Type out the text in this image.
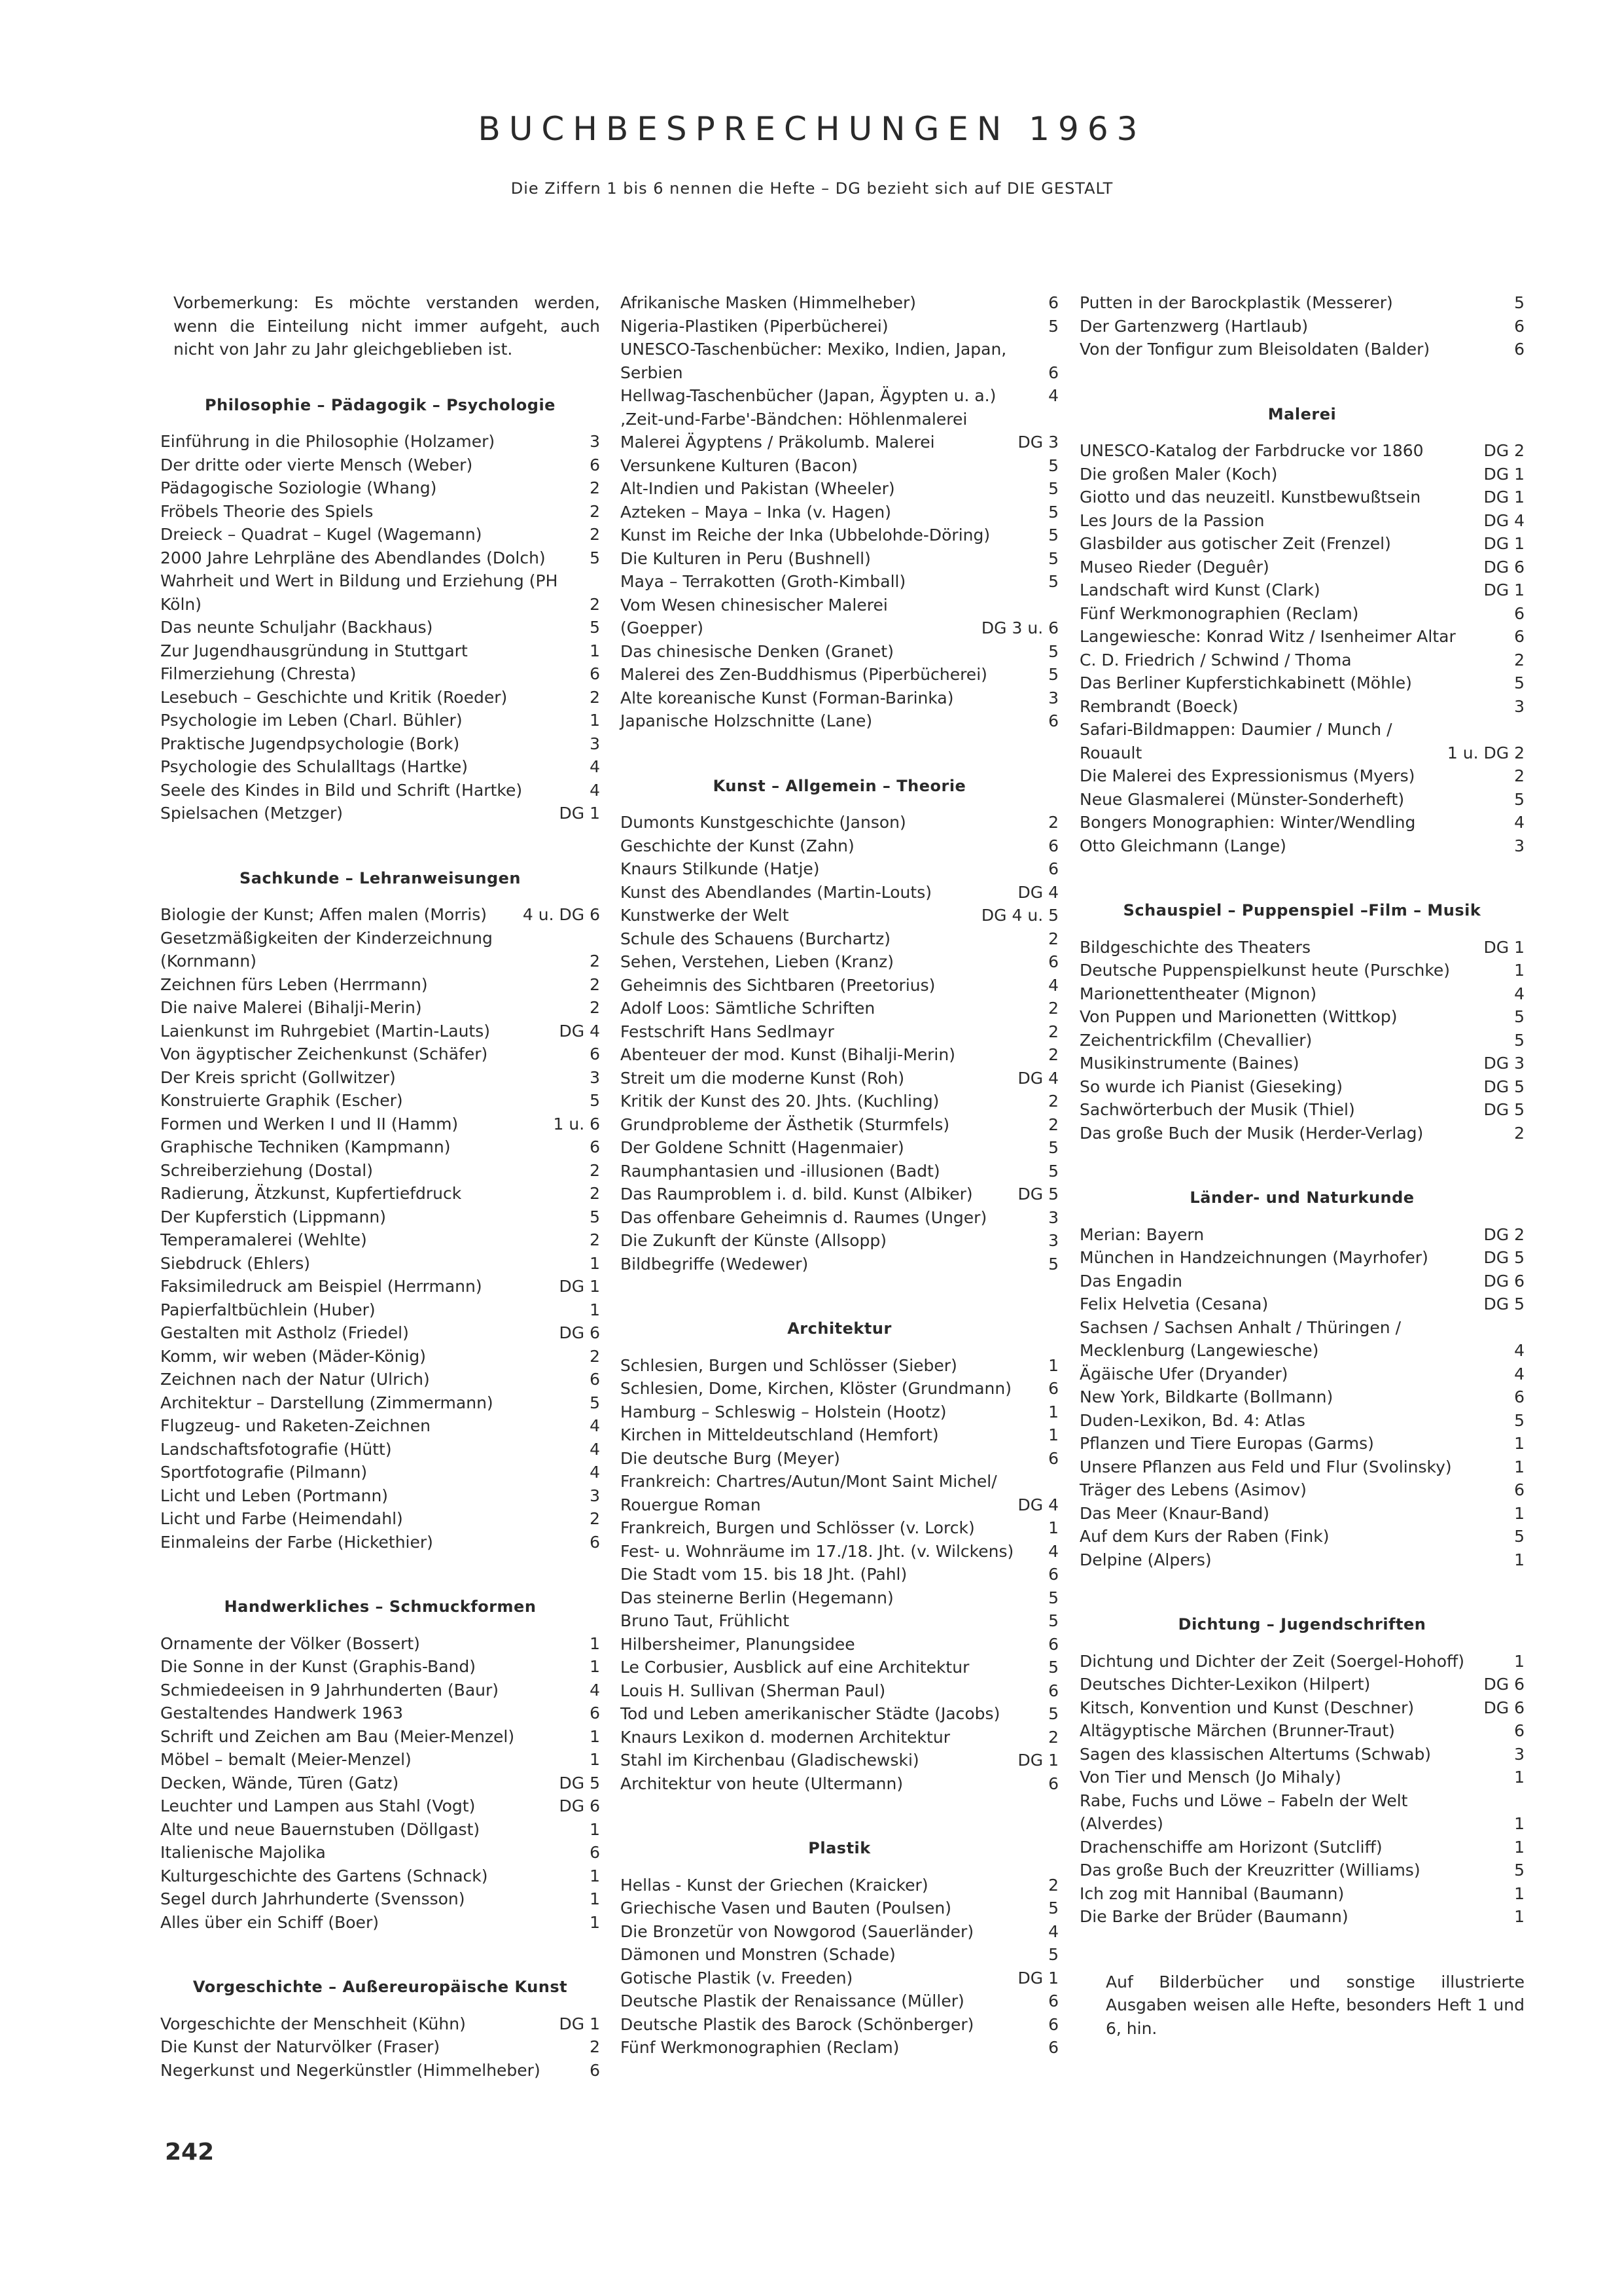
BUCHBESPRECHUNGEN 1963
Die Ziffern 1 bis 6 nennen die Hefte – DG bezieht sich auf DIE GESTALT
Vorbemerkung: Es möchte verstanden werden, wenn die Einteilung nicht immer aufgeht, auch nicht von Jahr zu Jahr gleichgeblieben ist.
Philosophie – Pädagogik – Psychologie
Einführung in die Philosophie (Holzamer)	3
Der dritte oder vierte Mensch (Weber)	6
Pädagogische Soziologie (Whang)	2
Fröbels Theorie des Spiels	2
Dreieck – Quadrat – Kugel (Wagemann)	2
2000 Jahre Lehrpläne des Abendlandes (Dolch)	5
Wahrheit und Wert in Bildung und Erziehung (PH Köln)	2
Das neunte Schuljahr (Backhaus)	5
Zur Jugendhausgründung in Stuttgart	1
Filmerziehung (Chresta)	6
Lesebuch – Geschichte und Kritik (Roeder)	2
Psychologie im Leben (Charl. Bühler)	1
Praktische Jugendpsychologie (Bork)	3
Psychologie des Schulalltags (Hartke)	4
Seele des Kindes in Bild und Schrift (Hartke)	4
Spielsachen (Metzger)	DG 1
Sachkunde – Lehranweisungen
Biologie der Kunst; Affen malen (Morris)	4 u. DG 6
Gesetzmäßigkeiten der Kinderzeichnung (Kornmann)	2
Zeichnen fürs Leben (Herrmann)	2
Die naive Malerei (Bihalji-Merin)	2
Laienkunst im Ruhrgebiet (Martin-Lauts)	DG 4
Von ägyptischer Zeichenkunst (Schäfer)	6
Der Kreis spricht (Gollwitzer)	3
Konstruierte Graphik (Escher)	5
Formen und Werken I und II (Hamm)	1 u. 6
Graphische Techniken (Kampmann)	6
Schreiberziehung (Dostal)	2
Radierung, Ätzkunst, Kupfertiefdruck	2
Der Kupferstich (Lippmann)	5
Temperamalerei (Wehlte)	2
Siebdruck (Ehlers)	1
Faksimiledruck am Beispiel (Herrmann)	DG 1
Papierfaltbüchlein (Huber)	1
Gestalten mit Astholz (Friedel)	DG 6
Komm, wir weben (Mäder-König)	2
Zeichnen nach der Natur (Ulrich)	6
Architektur – Darstellung (Zimmermann)	5
Flugzeug- und Raketen-Zeichnen	4
Landschaftsfotografie (Hütt)	4
Sportfotografie (Pilmann)	4
Licht und Leben (Portmann)	3
Licht und Farbe (Heimendahl)	2
Einmaleins der Farbe (Hickethier)	6
Handwerkliches – Schmuckformen
Ornamente der Völker (Bossert)	1
Die Sonne in der Kunst (Graphis-Band)	1
Schmiedeeisen in 9 Jahrhunderten (Baur)	4
Gestaltendes Handwerk 1963	6
Schrift und Zeichen am Bau (Meier-Menzel)	1
Möbel – bemalt (Meier-Menzel)	1
Decken, Wände, Türen (Gatz)	DG 5
Leuchter und Lampen aus Stahl (Vogt)	DG 6
Alte und neue Bauernstuben (Döllgast)	1
Italienische Majolika	6
Kulturgeschichte des Gartens (Schnack)	1
Segel durch Jahrhunderte (Svensson)	1
Alles über ein Schiff (Boer)	1
Vorgeschichte – Außereuropäische Kunst
Vorgeschichte der Menschheit (Kühn)	DG 1
Die Kunst der Naturvölker (Fraser)	2
Negerkunst und Negerkünstler (Himmelheber)	6
Afrikanische Masken (Himmelheber)	6
Nigeria-Plastiken (Piperbücherei)	5
UNESCO-Taschenbücher: Mexiko, Indien, Japan, Serbien	6
Hellwag-Taschenbücher (Japan, Ägypten u. a.)	4
‚Zeit-und-Farbe'-Bändchen: Höhlenmalerei Malerei Ägyptens / Präkolumb. Malerei	DG 3
Versunkene Kulturen (Bacon)	5
Alt-Indien und Pakistan (Wheeler)	5
Azteken – Maya – Inka (v. Hagen)	5
Kunst im Reiche der Inka (Ubbelohde-Döring)	5
Die Kulturen in Peru (Bushnell)	5
Maya – Terrakotten (Groth-Kimball)	5
Vom Wesen chinesischer Malerei (Goepper)	DG 3 u. 6
Das chinesische Denken (Granet)	5
Malerei des Zen-Buddhismus (Piperbücherei)	5
Alte koreanische Kunst (Forman-Barinka)	3
Japanische Holzschnitte (Lane)	6
Kunst – Allgemein – Theorie
Dumonts Kunstgeschichte (Janson)	2
Geschichte der Kunst (Zahn)	6
Knaurs Stilkunde (Hatje)	6
Kunst des Abendlandes (Martin-Louts)	DG 4
Kunstwerke der Welt	DG 4 u. 5
Schule des Schauens (Burchartz)	2
Sehen, Verstehen, Lieben (Kranz)	6
Geheimnis des Sichtbaren (Preetorius)	4
Adolf Loos: Sämtliche Schriften	2
Festschrift Hans Sedlmayr	2
Abenteuer der mod. Kunst (Bihalji-Merin)	2
Streit um die moderne Kunst (Roh)	DG 4
Kritik der Kunst des 20. Jhts. (Kuchling)	2
Grundprobleme der Ästhetik (Sturmfels)	2
Der Goldene Schnitt (Hagenmaier)	5
Raumphantasien und -illusionen (Badt)	5
Das Raumproblem i. d. bild. Kunst (Albiker)	DG 5
Das offenbare Geheimnis d. Raumes (Unger)	3
Die Zukunft der Künste (Allsopp)	3
Bildbegriffe (Wedewer)	5
Architektur
Schlesien, Burgen und Schlösser (Sieber)	1
Schlesien, Dome, Kirchen, Klöster (Grundmann)	6
Hamburg – Schleswig – Holstein (Hootz)	1
Kirchen in Mitteldeutschland (Hemfort)	1
Die deutsche Burg (Meyer)	6
Frankreich: Chartres/Autun/Mont Saint Michel/ Rouergue Roman	DG 4
Frankreich, Burgen und Schlösser (v. Lorck)	1
Fest- u. Wohnräume im 17./18. Jht. (v. Wilckens)	4
Die Stadt vom 15. bis 18 Jht. (Pahl)	6
Das steinerne Berlin (Hegemann)	5
Bruno Taut, Frühlicht	5
Hilbersheimer, Planungsidee	6
Le Corbusier, Ausblick auf eine Architektur	5
Louis H. Sullivan (Sherman Paul)	6
Tod und Leben amerikanischer Städte (Jacobs)	5
Knaurs Lexikon d. modernen Architektur	2
Stahl im Kirchenbau (Gladischewski)	DG 1
Architektur von heute (Ultermann)	6
Plastik
Hellas - Kunst der Griechen (Kraicker)	2
Griechische Vasen und Bauten (Poulsen)	5
Die Bronzetür von Nowgorod (Sauerländer)	4
Dämonen und Monstren (Schade)	5
Gotische Plastik (v. Freeden)	DG 1
Deutsche Plastik der Renaissance (Müller)	6
Deutsche Plastik des Barock (Schönberger)	6
Fünf Werkmonographien (Reclam)	6
Putten in der Barockplastik (Messerer)	5
Der Gartenzwerg (Hartlaub)	6
Von der Tonfigur zum Bleisoldaten (Balder)	6
Malerei
UNESCO-Katalog der Farbdrucke vor 1860	DG 2
Die großen Maler (Koch)	DG 1
Giotto und das neuzeitl. Kunstbewußtsein	DG 1
Les Jours de la Passion	DG 4
Glasbilder aus gotischer Zeit (Frenzel)	DG 1
Museo Rieder (Deguêr)	DG 6
Landschaft wird Kunst (Clark)	DG 1
Fünf Werkmonographien (Reclam)	6
Langewiesche: Konrad Witz / Isenheimer Altar	6
C. D. Friedrich / Schwind / Thoma	2
Das Berliner Kupferstichkabinett (Möhle)	5
Rembrandt (Boeck)	3
Safari-Bildmappen: Daumier / Munch / Rouault	1 u. DG 2
Die Malerei des Expressionismus (Myers)	2
Neue Glasmalerei (Münster-Sonderheft)	5
Bongers Monographien: Winter/Wendling	4
Otto Gleichmann (Lange)	3
Schauspiel – Puppenspiel –Film – Musik
Bildgeschichte des Theaters	DG 1
Deutsche Puppenspielkunst heute (Purschke)	1
Marionettentheater (Mignon)	4
Von Puppen und Marionetten (Wittkop)	5
Zeichentrickfilm (Chevallier)	5
Musikinstrumente (Baines)	DG 3
So wurde ich Pianist (Gieseking)	DG 5
Sachwörterbuch der Musik (Thiel)	DG 5
Das große Buch der Musik (Herder-Verlag)	2
Länder- und Naturkunde
Merian: Bayern	DG 2
München in Handzeichnungen (Mayrhofer)	DG 5
Das Engadin	DG 6
Felix Helvetia (Cesana)	DG 5
Sachsen / Sachsen Anhalt / Thüringen / Mecklenburg (Langewiesche)	4
Ägäische Ufer (Dryander)	4
New York, Bildkarte (Bollmann)	6
Duden-Lexikon, Bd. 4: Atlas	5
Pflanzen und Tiere Europas (Garms)	1
Unsere Pflanzen aus Feld und Flur (Svolinsky)	1
Träger des Lebens (Asimov)	6
Das Meer (Knaur-Band)	1
Auf dem Kurs der Raben (Fink)	5
Delpine (Alpers)	1
Dichtung – Jugendschriften
Dichtung und Dichter der Zeit (Soergel-Hohoff)	1
Deutsches Dichter-Lexikon (Hilpert)	DG 6
Kitsch, Konvention und Kunst (Deschner)	DG 6
Altägyptische Märchen (Brunner-Traut)	6
Sagen des klassischen Altertums (Schwab)	3
Von Tier und Mensch (Jo Mihaly)	1
Rabe, Fuchs und Löwe – Fabeln der Welt (Alverdes)	1
Drachenschiffe am Horizont (Sutcliff)	1
Das große Buch der Kreuzritter (Williams)	5
Ich zog mit Hannibal (Baumann)	1
Die Barke der Brüder (Baumann)	1
Auf Bilderbücher und sonstige illustrierte Ausgaben weisen alle Hefte, besonders Heft 1 und 6, hin.
242
